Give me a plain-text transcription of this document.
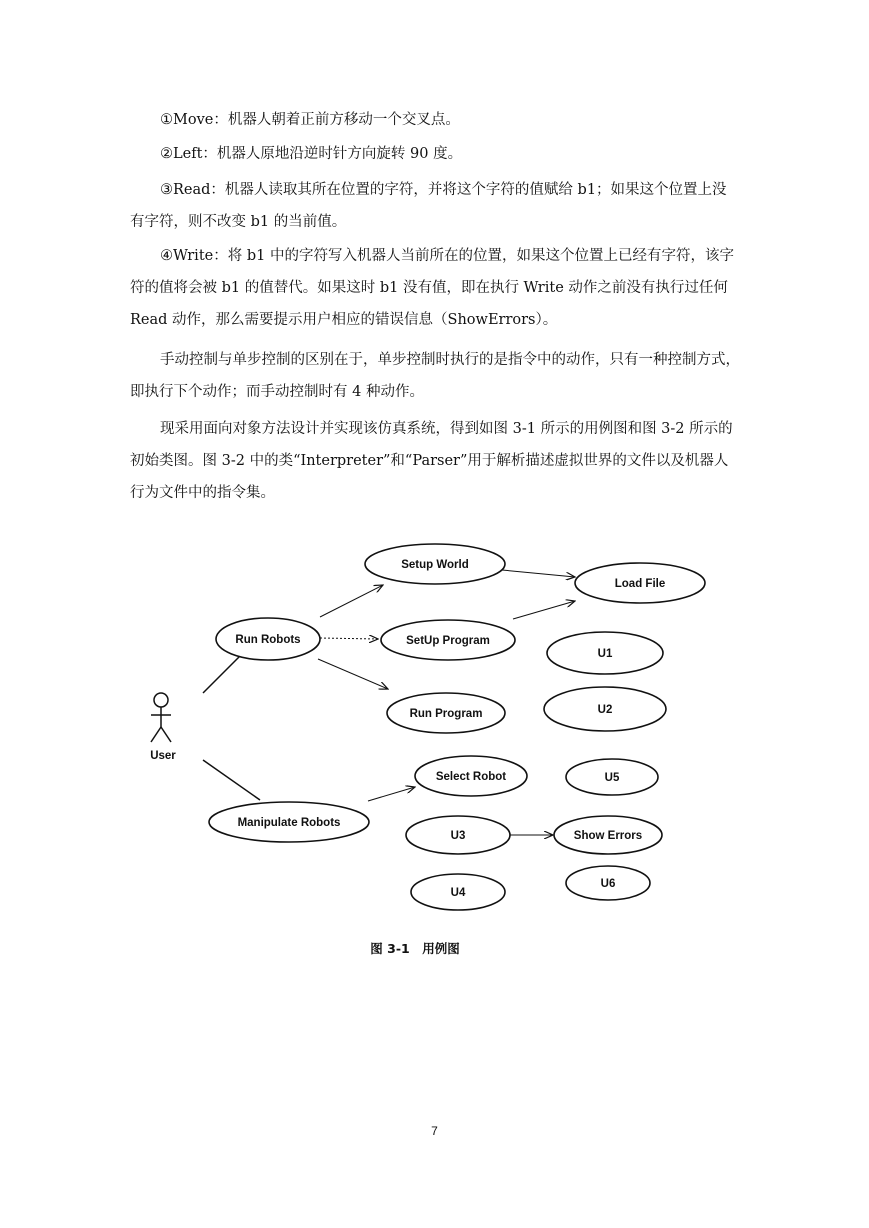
①Move：机器人朝着正前方移动一个交叉点。

②Left：机器人原地沿逆时针方向旋转 90 度。

③Read：机器人读取其所在位置的字符，并将这个字符的值赋给 b1；如果这个位置上没有字符，则不改变 b1 的当前值。

④Write：将 b1 中的字符写入机器人当前所在的位置，如果这个位置上已经有字符，该字符的值将会被 b1 的值替代。如果这时 b1 没有值，即在执行 Write 动作之前没有执行过任何 Read 动作，那么需要提示用户相应的错误信息（ShowErrors）。

手动控制与单步控制的区别在于，单步控制时执行的是指令中的动作，只有一种控制方式，即执行下个动作；而手动控制时有 4 种动作。

现采用面向对象方法设计并实现该仿真系统，得到如图 3-1 所示的用例图和图 3-2 所示的初始类图。图 3-2 中的类“Interpreter”和“Parser”用于解析描述虚拟世界的文件以及机器人行为文件中的指令集。

User
Setup World
Load File
Run Robots	SetUp Program
U1
Run Program	U2
Select Robot	U5
Manipulate Robots
U3	Show Errors
U4
U6
图 3-1　用例图
7
